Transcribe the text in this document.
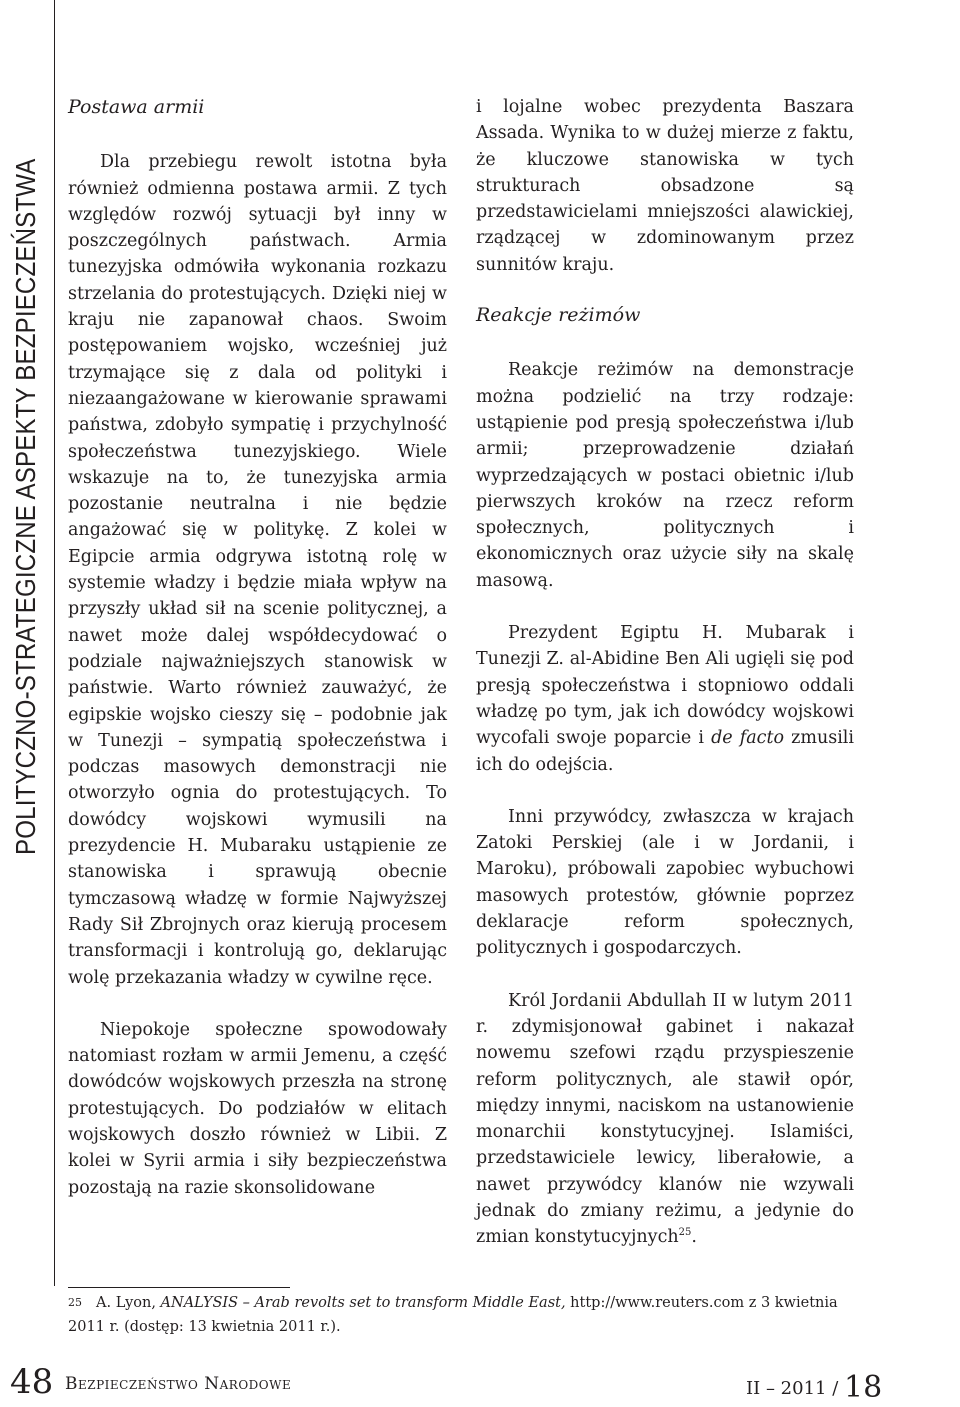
POLITYCZNO-STRATEGICZNE ASPEKTY BEZPIECZEŃSTWA

Postawa armii

Dla przebiegu rewolt istotna była również odmienna postawa armii. Z tych względów rozwój sytuacji był inny w poszczególnych państwach. Armia tunezyjska odmówiła wykonania rozkazu strzelania do protestujących. Dzięki niej w kraju nie zapanował chaos. Swoim postępowaniem wojsko, wcześniej już trzymające się z dala od polityki i niezaangażowane w kierowanie sprawami państwa, zdobyło sympatię i przychylność społeczeństwa tunezyjskiego. Wiele wskazuje na to, że tunezyjska armia pozostanie neutralna i nie będzie angażować się w politykę. Z kolei w Egipcie armia odgrywa istotną rolę w systemie władzy i będzie miała wpływ na przyszły układ sił na scenie politycznej, a nawet może dalej współdecydować o podziale najważniejszych stanowisk w państwie. Warto również zauważyć, że egipskie wojsko cieszy się – podobnie jak w Tunezji – sympatią społeczeństwa i podczas masowych demonstracji nie otworzyło ognia do protestujących. To dowódcy wojskowi wymusili na prezydencie H. Mubaraku ustąpienie ze stanowiska i sprawują obecnie tymczasową władzę w formie Najwyższej Rady Sił Zbrojnych oraz kierują procesem transformacji i kontrolują go, deklarując wolę przekazania władzy w cywilne ręce.

Niepokoje społeczne spowodowały natomiast rozłam w armii Jemenu, a część dowódców wojskowych przeszła na stronę protestujących. Do podziałów w elitach wojskowych doszło również w Libii. Z kolei w Syrii armia i siły bezpieczeństwa pozostają na razie skonsolidowane

i lojalne wobec prezydenta Baszara Assada. Wynika to w dużej mierze z faktu, że kluczowe stanowiska w tych strukturach obsadzone są przedstawicielami mniejszości alawickiej, rządzącej w zdominowanym przez sunnitów kraju.

Reakcje reżimów

Reakcje reżimów na demonstracje można podzielić na trzy rodzaje: ustąpienie pod presją społeczeństwa i/lub armii; przeprowadzenie działań wyprzedzających w postaci obietnic i/lub pierwszych kroków na rzecz reform społecznych, politycznych i ekonomicznych oraz użycie siły na skalę masową.

Prezydent Egiptu H. Mubarak i Tunezji Z. al-Abidine Ben Ali ugięli się pod presją społeczeństwa i stopniowo oddali władzę po tym, jak ich dowódcy wojskowi wycofali swoje poparcie i de facto zmusili ich do odejścia.

Inni przywódcy, zwłaszcza w krajach Zatoki Perskiej (ale i w Jordanii, i Maroku), próbowali zapobiec wybuchowi masowych protestów, głównie poprzez deklaracje reform społecznych, politycznych i gospodarczych.

Król Jordanii Abdullah II w lutym 2011 r. zdymisjonował gabinet i nakazał nowemu szefowi rządu przyspieszenie reform politycznych, ale stawił opór, między innymi, naciskom na ustanowienie monarchii konstytucyjnej. Islamiści, przedstawiciele lewicy, liberałowie, a nawet przywódcy klanów nie wzywali jednak do zmiany reżimu, a jedynie do zmian konstytucyjnych$^{25}$.

$^{25}$ A. Lyon, ANALYSIS – Arab revolts set to transform Middle East, http://www.reuters.com z 3 kwietnia 2011 r. (dostęp: 13 kwietnia 2011 r.).
48 Bezpieczeństwo Narodowe	II – 2011 / 18
